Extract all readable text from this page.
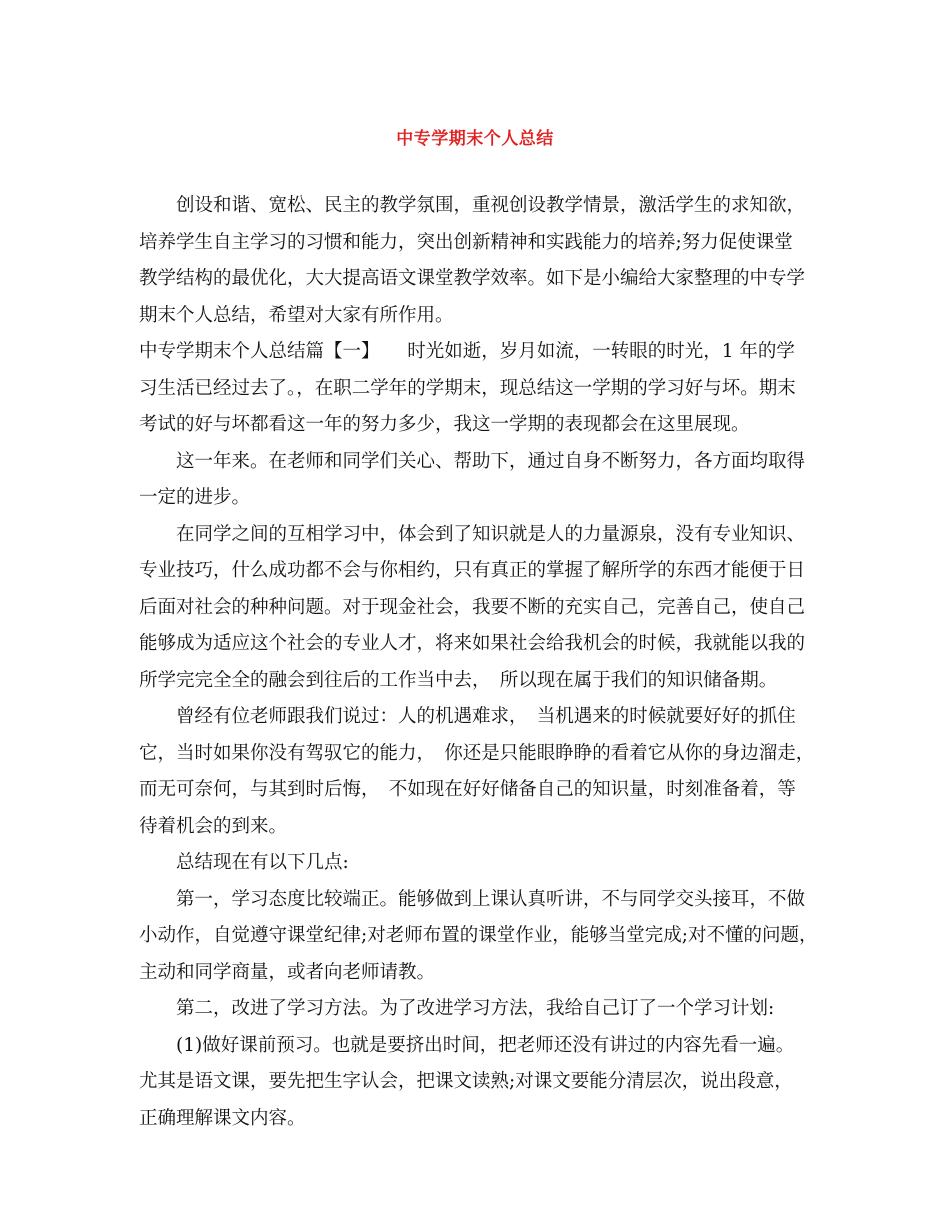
中专学期末个人总结
创设和谐、宽松、民主的教学氛围，重视创设教学情景，激活学生的求知欲，
培养学生自主学习的习惯和能力，突出创新精神和实践能力的培养;努力促使课堂
教学结构的最优化，大大提高语文课堂教学效率。如下是小编给大家整理的中专学
期末个人总结，希望对大家有所作用。
中专学期末个人总结篇【一】　　时光如逝，岁月如流，一转眼的时光，1 年的学
习生活已经过去了。，在职二学年的学期末，现总结这一学期的学习好与坏。期末
考试的好与坏都看这一年的努力多少，我这一学期的表现都会在这里展现。
这一年来。在老师和同学们关心、帮助下，通过自身不断努力，各方面均取得
一定的进步。
在同学之间的互相学习中，体会到了知识就是人的力量源泉，没有专业知识、
专业技巧，什么成功都不会与你相约，只有真正的掌握了解所学的东西才能便于日
后面对社会的种种问题。对于现金社会，我要不断的充实自己，完善自己，使自己
能够成为适应这个社会的专业人才，将来如果社会给我机会的时候，我就能以我的
所学完完全全的融会到往后的工作当中去，　所以现在属于我们的知识储备期。
曾经有位老师跟我们说过：人的机遇难求，　当机遇来的时候就要好好的抓住
它，当时如果你没有驾驭它的能力，　你还是只能眼睁睁的看着它从你的身边溜走，
而无可奈何，与其到时后悔，　不如现在好好储备自己的知识量，时刻准备着，等
待着机会的到来。
总结现在有以下几点:
第一，学习态度比较端正。能够做到上课认真听讲，不与同学交头接耳，不做
小动作，自觉遵守课堂纪律;对老师布置的课堂作业，能够当堂完成;对不懂的问题，
主动和同学商量，或者向老师请教。
第二，改进了学习方法。为了改进学习方法，我给自己订了一个学习计划:
(1)做好课前预习。也就是要挤出时间，把老师还没有讲过的内容先看一遍。
尤其是语文课，要先把生字认会，把课文读熟;对课文要能分清层次，说出段意，
正确理解课文内容。
